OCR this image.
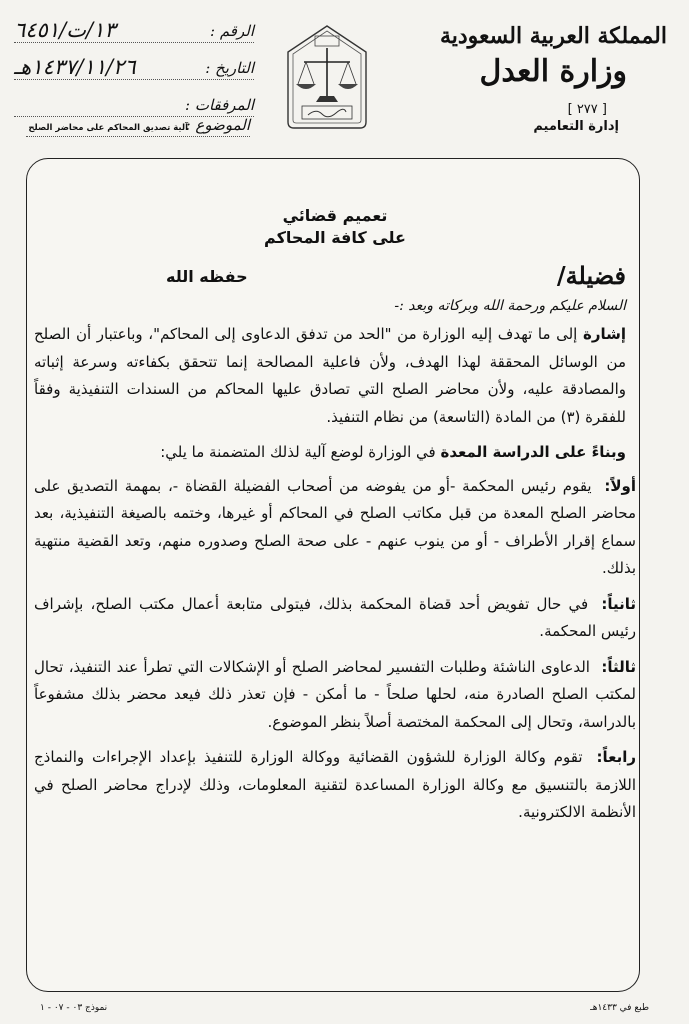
المملكة العربية السعودية
وزارة العدل
[ ٢٧٧ ]
إدارة التعاميم
الرقم :
١٣/ت/٦٤٥١
التاريخ :
١٤٣٧/١١/٢٦هـ
المرفقات :
الموضوع :
آلية تصديق المحاكم على محاضر الصلح
تعميم قضائي
على كافة المحاكم
فضيلة/
حفظه الله
السلام عليكم ورحمة الله وبركاته وبعد :-

إشارة إلى ما تهدف إليه الوزارة من "الحد من تدفق الدعاوى إلى المحاكم"، وباعتبار أن الصلح من الوسائل المحققة لهذا الهدف، ولأن فاعلية المصالحة إنما تتحقق بكفاءته وسرعة إثباته والمصادقة عليه، ولأن محاضر الصلح التي تصادق عليها المحاكم من السندات التنفيذية وفقاً للفقرة (٣) من المادة (التاسعة) من نظام التنفيذ.

وبناءً على الدراسة المعدة في الوزارة لوضع آلية لذلك المتضمنة ما يلي:

أولاً: يقوم رئيس المحكمة -أو من يفوضه من أصحاب الفضيلة القضاة -، بمهمة التصديق على محاضر الصلح المعدة من قبل مكاتب الصلح في المحاكم أو غيرها، وختمه بالصيغة التنفيذية، بعد سماع إقرار الأطراف - أو من ينوب عنهم - على صحة الصلح وصدوره منهم، وتعد القضية منتهية بذلك.
ثانياً: في حال تفويض أحد قضاة المحكمة بذلك، فيتولى متابعة أعمال مكتب الصلح، بإشراف رئيس المحكمة.
ثالثاً: الدعاوى الناشئة وطلبات التفسير لمحاضر الصلح أو الإشكالات التي تطرأ عند التنفيذ، تحال لمكتب الصلح الصادرة منه، لحلها صلحاً - ما أمكن - فإن تعذر ذلك فيعد محضر بذلك مشفوعاً بالدراسة، وتحال إلى المحكمة المختصة أصلاً بنظر الموضوع.
رابعاً: تقوم وكالة الوزارة للشؤون القضائية ووكالة الوزارة للتنفيذ بإعداد الإجراءات والنماذج اللازمة بالتنسيق مع وكالة الوزارة المساعدة لتقنية المعلومات، وذلك لإدراج محاضر الصلح في الأنظمة الالكترونية.
طبع في ١٤٣٣هـ
نموذج ٠٣ - ٠٧ - ١
